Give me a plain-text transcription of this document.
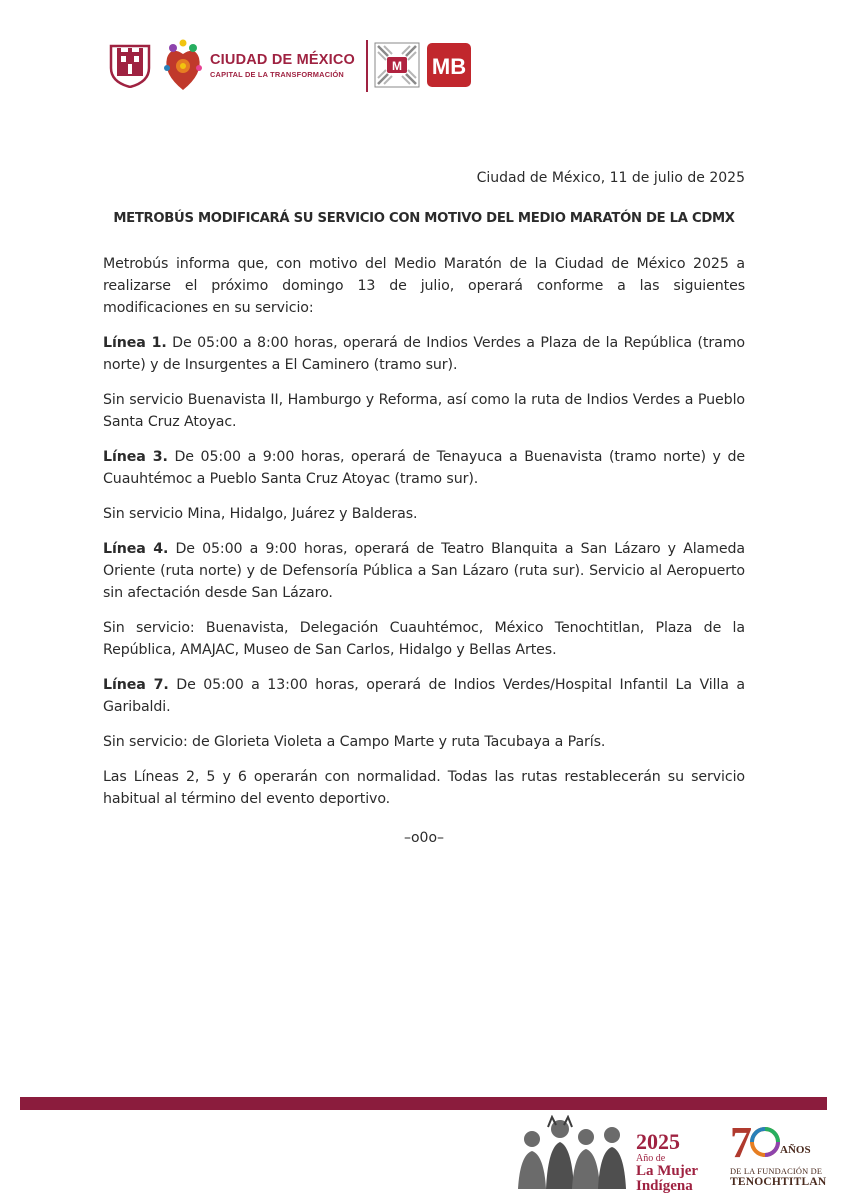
CIUDAD DE MÉXICO
CAPITAL DE LA TRANSFORMACIÓN
M MB
Ciudad de México, 11 de julio de 2025
METROBÚS MODIFICARÁ SU SERVICIO CON MOTIVO DEL MEDIO MARATÓN DE LA CDMX

Metrobús informa que, con motivo del Medio Maratón de la Ciudad de México 2025 a realizarse el próximo domingo 13 de julio, operará conforme a las siguientes modificaciones en su servicio:

Línea 1. De 05:00 a 8:00 horas, operará de Indios Verdes a Plaza de la República (tramo norte) y de Insurgentes a El Caminero (tramo sur).

Sin servicio Buenavista II, Hamburgo y Reforma, así como la ruta de Indios Verdes a Pueblo Santa Cruz Atoyac.

Línea 3. De 05:00 a 9:00 horas, operará de Tenayuca a Buenavista (tramo norte) y de Cuauhtémoc a Pueblo Santa Cruz Atoyac (tramo sur).

Sin servicio Mina, Hidalgo, Juárez y Balderas.

Línea 4. De 05:00 a 9:00 horas, operará de Teatro Blanquita a San Lázaro y Alameda Oriente (ruta norte) y de Defensoría Pública a San Lázaro (ruta sur). Servicio al Aeropuerto sin afectación desde San Lázaro.

Sin servicio: Buenavista, Delegación Cuauhtémoc, México Tenochtitlan, Plaza de la República, AMAJAC, Museo de San Carlos, Hidalgo y Bellas Artes.

Línea 7. De 05:00 a 13:00 horas, operará de Indios Verdes/Hospital Infantil La Villa a Garibaldi.

Sin servicio: de Glorieta Violeta a Campo Marte y ruta Tacubaya a París.

Las Líneas 2, 5 y 6 operarán con normalidad. Todas las rutas restablecerán su servicio habitual al término del evento deportivo.

–o0o–
2025
Año de
La Mujer
Indígena
7	AÑOS
DE LA FUNDACIÓN DE
TENOCHTITLAN
